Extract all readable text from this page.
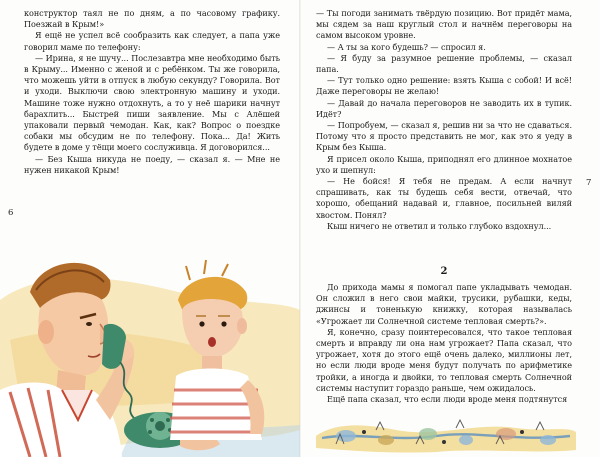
конструктор таял не по дням, а по часовому графику. Поезжай в Крым!»

Я ещё не успел всё сообразить как следует, а папа уже говорил маме по телефону:

— Ирина, я не шучу... Послезавтра мне необходимо быть в Крыму... Именно с женой и с ребёнком. Ты же говорила, что можешь уйти в отпуск в любую секунду? Говорила. Вот и уходи. Выключи свою электронную машину и уходи. Машине тоже нужно отдохнуть, а то у неё шарики начнут барахлить... Быстрей пиши заявление. Мы с Алёшей упаковали первый чемодан. Как, как? Вопрос о поездке собаки мы обсудим не по телефону. Пока... Да! Жить будете в доме у тёщи моего сослуживца. Я договорился...

— Без Кыша никуда не поеду, — сказал я. — Мне не нужен никакой Крым!

6

— Ты погоди занимать твёрдую позицию. Вот придёт мама, мы сядем за наш круглый стол и начнём переговоры на самом высоком уровне.

— А ты за кого будешь? — спросил я.

— Я буду за разумное решение проблемы, — сказал папа.

— Тут только одно решение: взять Кыша с собой! И всё! Даже переговоры не желаю!

— Давай до начала переговоров не заводить их в тупик. Идёт?

— Попробуем, — сказал я, решив ни за что не сдаваться. Потому что я просто представить не мог, как это я уеду в Крым без Кыша.

Я присел около Кыша, приподнял его длинное мохнатое ухо и шепнул:

— Не бойся! Я тебя не предам. А если начнут спрашивать, как ты будешь себя вести, отвечай, что хорошо, обещаний надавай и, главное, посильней виляй хвостом. Понял?

Кыш ничего не ответил и только глубоко вздохнул...

7
2

До прихода мамы я помогал папе укладывать чемодан. Он сложил в него свои майки, трусики, рубашки, кеды, джинсы и тоненькую книжку, которая называлась «Угрожает ли Солнечной системе тепловая смерть?».

Я, конечно, сразу поинтересовался, что такое тепловая смерть и вправду ли она нам угрожает? Папа сказал, что угрожает, хотя до этого ещё очень далеко, миллионы лет, но если люди вроде меня будут получать по арифметике тройки, а иногда и двойки, то тепловая смерть Солнечной системы наступит гораздо раньше, чем ожидалось.

Ещё папа сказал, что если люди вроде меня подтянутся
